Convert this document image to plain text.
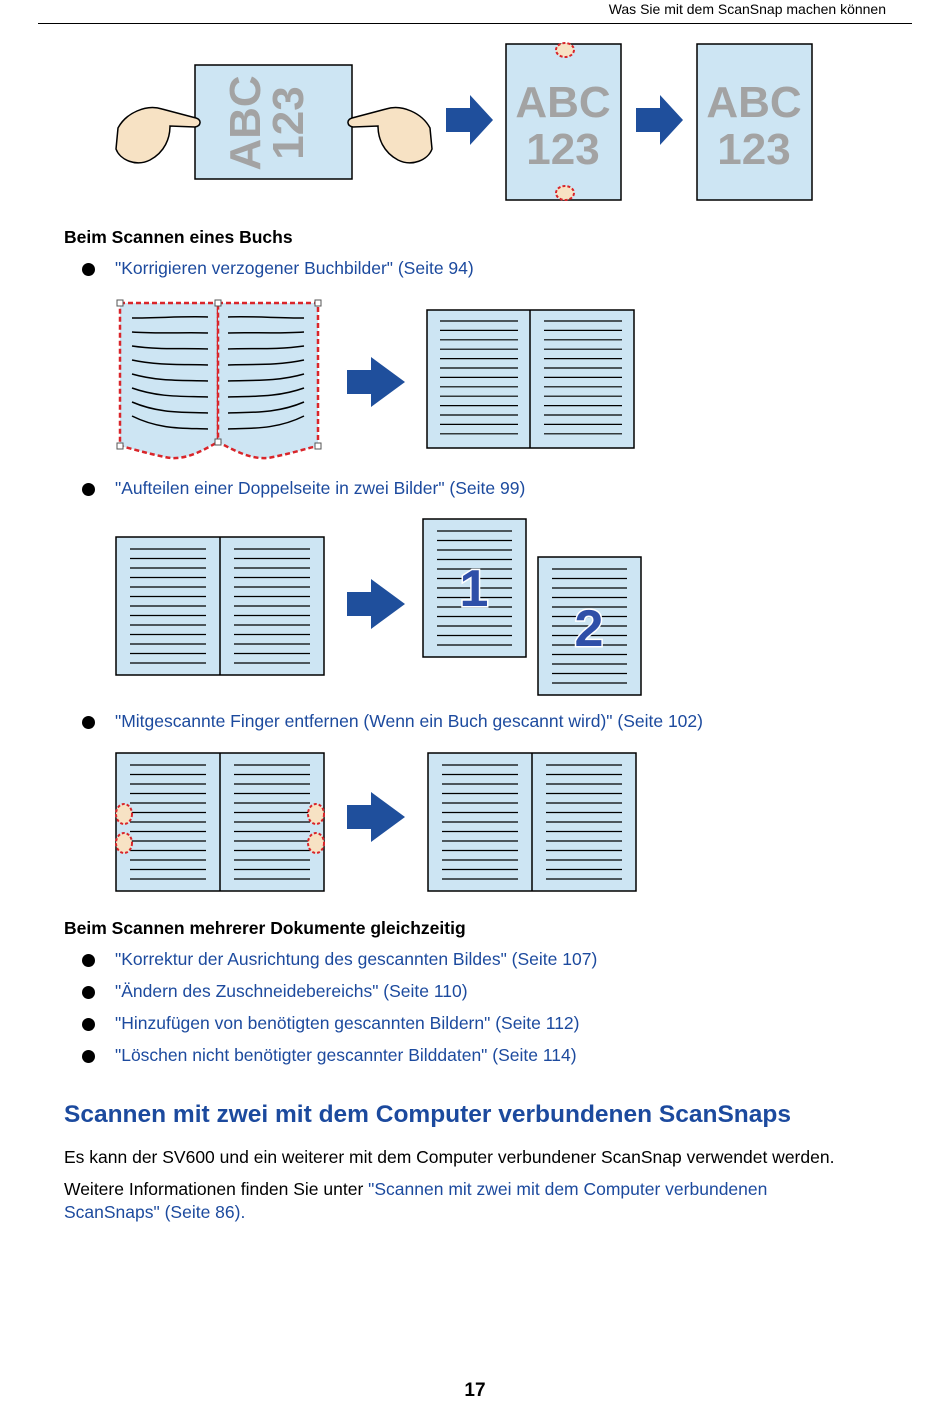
Was Sie mit dem ScanSnap machen können
ABC
123	ABC
123
ABC
123
Beim Scannen eines Buchs
"Korrigieren verzogener Buchbilder" (Seite 94)
"Aufteilen einer Doppelseite in zwei Bilder" (Seite 99)
1
2
"Mitgescannte Finger entfernen (Wenn ein Buch gescannt wird)" (Seite 102)
Beim Scannen mehrerer Dokumente gleichzeitig
"Korrektur der Ausrichtung des gescannten Bildes" (Seite 107)
"Ändern des Zuschneidebereichs" (Seite 110)
"Hinzufügen von benötigten gescannten Bildern" (Seite 112)
"Löschen nicht benötigter gescannter Bilddaten" (Seite 114)
Scannen mit zwei mit dem Computer verbundenen ScanSnaps
Es kann der SV600 und ein weiterer mit dem Computer verbundener ScanSnap verwendet werden.
Weitere Informationen finden Sie unter "Scannen mit zwei mit dem Computer verbundenen
ScanSnaps" (Seite 86).
17
